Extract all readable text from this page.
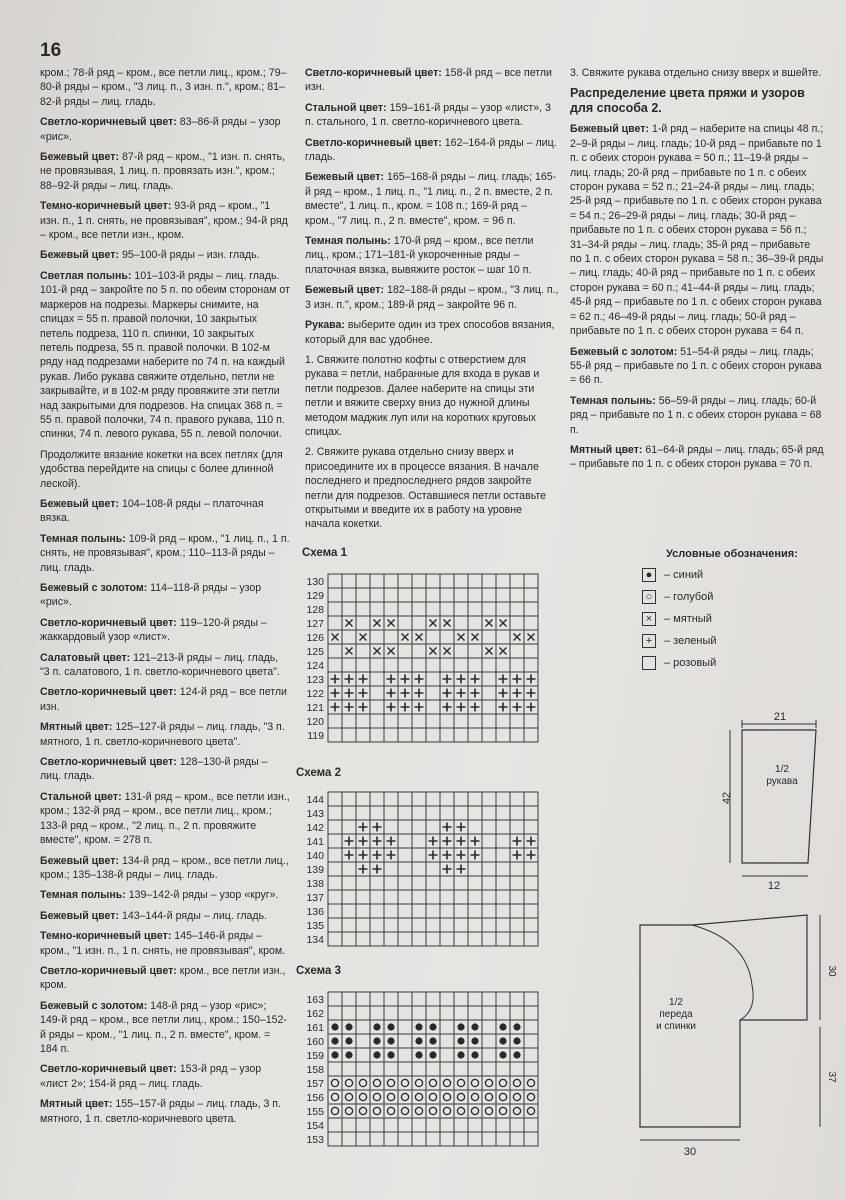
16

кром.; 78-й ряд – кром., все петли лиц., кром.; 79–80-й ряды – кром., "3 лиц. п., 3 изн. п.", кром.; 81–82-й ряды – лиц. гладь.

Светло-коричневый цвет: 83–86-й ряды – узор «рис».

Бежевый цвет: 87-й ряд – кром., "1 изн. п. снять, не провязывая, 1 лиц. п. провязать изн.", кром.; 88–92-й ряды – лиц. гладь.

Темно-коричневый цвет: 93-й ряд – кром., "1 изн. п., 1 п. снять, не провязывая", кром.; 94-й ряд – кром., все петли изн., кром.

Бежевый цвет: 95–100-й ряды – изн. гладь.

Светлая полынь: 101–103-й ряды – лиц. гладь. 101-й ряд – закройте по 5 п. по обеим сторонам от маркеров на подрезы. Маркеры снимите, на спицах = 55 п. правой полочки, 10 закрытых петель подреза, 110 п. спинки, 10 закрытых петель подреза, 55 п. правой полочки. В 102-м ряду над подрезами наберите по 74 п. на каждый рукав. Либо рукава свяжите отдельно, петли не закрывайте, и в 102-м ряду провяжите эти петли над закрытыми для подрезов. На спицах 368 п. = 55 п. правой полочки, 74 п. правого рукава, 110 п. спинки, 74 п. левого рукава, 55 п. левой полочки.

Продолжите вязание кокетки на всех петлях (для удобства перейдите на спицы с более длинной леской).

Бежевый цвет: 104–108-й ряды – платочная вязка.

Темная полынь: 109-й ряд – кром., "1 лиц. п., 1 п. снять, не провязывая", кром.; 110–113-й ряды – лиц. гладь.

Бежевый с золотом: 114–118-й ряды – узор «рис».

Светло-коричневый цвет: 119–120-й ряды – жаккардовый узор «лист».

Салатовый цвет: 121–213-й ряды – лиц. гладь, "3 п. салатового, 1 п. светло-коричневого цвета".

Светло-коричневый цвет: 124-й ряд – все петли изн.

Мятный цвет: 125–127-й ряды – лиц. гладь, "3 п. мятного, 1 п. светло-коричневого цвета".

Светло-коричневый цвет: 128–130-й ряды – лиц. гладь.

Стальной цвет: 131-й ряд – кром., все петли изн., кром.; 132-й ряд – кром., все петли лиц., кром.; 133-й ряд – кром., "2 лиц. п., 2 п. провяжите вместе", кром. = 278 п.

Бежевый цвет: 134-й ряд – кром., все петли лиц., кром.; 135–138-й ряды – лиц. гладь.

Темная полынь: 139–142-й ряды – узор «круг».

Бежевый цвет: 143–144-й ряды – лиц. гладь.

Темно-коричневый цвет: 145–146-й ряды – кром., "1 изн. п., 1 п. снять, не провязывая", кром.

Светло-коричневый цвет: кром., все петли изн., кром.

Бежевый с золотом: 148-й ряд – узор «рис»; 149-й ряд – кром., все петли лиц., кром.; 150–152-й ряды – кром., "1 лиц. п., 2 п. вместе", кром. = 184 п.

Светло-коричневый цвет: 153-й ряд – узор «лист 2»; 154-й ряд – лиц. гладь.

Мятный цвет: 155–157-й ряды – лиц. гладь, 3 п. мятного, 1 п. светло-коричневого цвета.

Светло-коричневый цвет: 158-й ряд – все петли изн.

Стальной цвет: 159–161-й ряды – узор «лист», 3 п. стального, 1 п. светло-коричневого цвета.

Светло-коричневый цвет: 162–164-й ряды – лиц. гладь.

Бежевый цвет: 165–168-й ряды – лиц. гладь; 165-й ряд – кром., 1 лиц. п., "1 лиц. п., 2 п. вместе, 2 п. вместе", 1 лиц. п., кром. = 108 п.; 169-й ряд – кром., "7 лиц. п., 2 п. вместе", кром. = 96 п.

Темная полынь: 170-й ряд – кром., все петли лиц., кром.; 171–181-й укороченные ряды – платочная вязка, вывяжите росток – шаг 10 п.

Бежевый цвет: 182–188-й ряды – кром., "3 лиц. п., 3 изн. п.", кром.; 189-й ряд – закройте 96 п.

Рукава: выберите один из трех способов вязания, который для вас удобнее.

1. Свяжите полотно кофты с отверстием для рукава = петли, набранные для входа в рукав и петли подрезов. Далее наберите на спицы эти петли и вяжите сверху вниз до нужной длины методом маджик луп или на коротких круговых спицах.

2. Свяжите рукава отдельно снизу вверх и присоедините их в процессе вязания. В начале последнего и предпоследнего рядов закройте петли для подрезов. Оставшиеся петли оставьте открытыми и введите их в работу на уровне начала кокетки.

3. Свяжите рукава отдельно снизу вверх и вшейте.

Распределение цвета пряжи и узоров для способа 2.

Бежевый цвет: 1-й ряд – наберите на спицы 48 п.; 2–9-й ряды – лиц. гладь; 10-й ряд – прибавьте по 1 п. с обеих сторон рукава = 50 п.; 11–19-й ряды – лиц. гладь; 20-й ряд – прибавьте по 1 п. с обеих сторон рукава = 52 п.; 21–24-й ряды – лиц. гладь; 25-й ряд – прибавьте по 1 п. с обеих сторон рукава = 54 п.; 26–29-й ряды – лиц. гладь; 30-й ряд – прибавьте по 1 п. с обеих сторон рукава = 56 п.; 31–34-й ряды – лиц. гладь; 35-й ряд – прибавьте по 1 п. с обеих сторон рукава = 58 п.; 36–39-й ряды – лиц. гладь; 40-й ряд – прибавьте по 1 п. с обеих сторон рукава = 60 п.; 41–44-й ряды – лиц. гладь; 45-й ряд – прибавьте по 1 п. с обеих сторон рукава = 62 п.; 46–49-й ряды – лиц. гладь; 50-й ряд – прибавьте по 1 п. с обеих сторон рукава = 64 п.

Бежевый с золотом: 51–54-й ряды – лиц. гладь; 55-й ряд – прибавьте по 1 п. с обеих сторон рукава = 66 п.

Темная полынь: 56–59-й ряды – лиц. гладь; 60-й ряд – прибавьте по 1 п. с обеих сторон рукава = 68 п.

Мятный цвет: 61–64-й ряды – лиц. гладь; 65-й ряд – прибавьте по 1 п. с обеих сторон рукава = 70 п.

Схема 1
130
129
128
127
126
125
124
123
122
121
120
119
Схема 2
144
143
142
141
140
139
138
137
136
135
134
Схема 3
163
162
161
160
159
158
157
156
155
154
153
Условные обозначения:
●	– синий
○	– голубой
×	– мятный
+	– зеленый
– розовый
21
42
1/2
рукава
12
30
37
1/2
переда
и спинки
30
